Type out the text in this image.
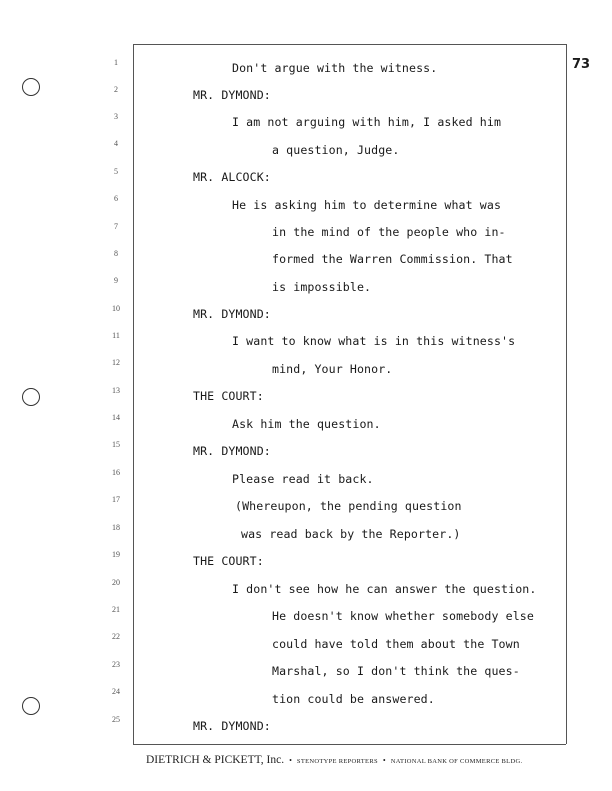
73
1
2
3
4
5
6
7
8
9
10
11
12
13
14
15
16
17
18
19
20
21
22
23
24
25
Don't argue with the witness.
MR. DYMOND:
I am not arguing with him, I asked him
a question, Judge.
MR. ALCOCK:
He is asking him to determine what was
in the mind of the people who in-
formed the Warren Commission. That
is impossible.
MR. DYMOND:
I want to know what is in this witness's
mind, Your Honor.
THE COURT:
Ask him the question.
MR. DYMOND:
Please read it back.
(Whereupon, the pending question
was read back by the Reporter.)
THE COURT:
I don't see how he can answer the question.
He doesn't know whether somebody else
could have told them about the Town
Marshal, so I don't think the ques-
tion could be answered.
MR. DYMOND:
DIETRICH & PICKETT, Inc. • STENOTYPE REPORTERS • NATIONAL BANK OF COMMERCE BLDG.
